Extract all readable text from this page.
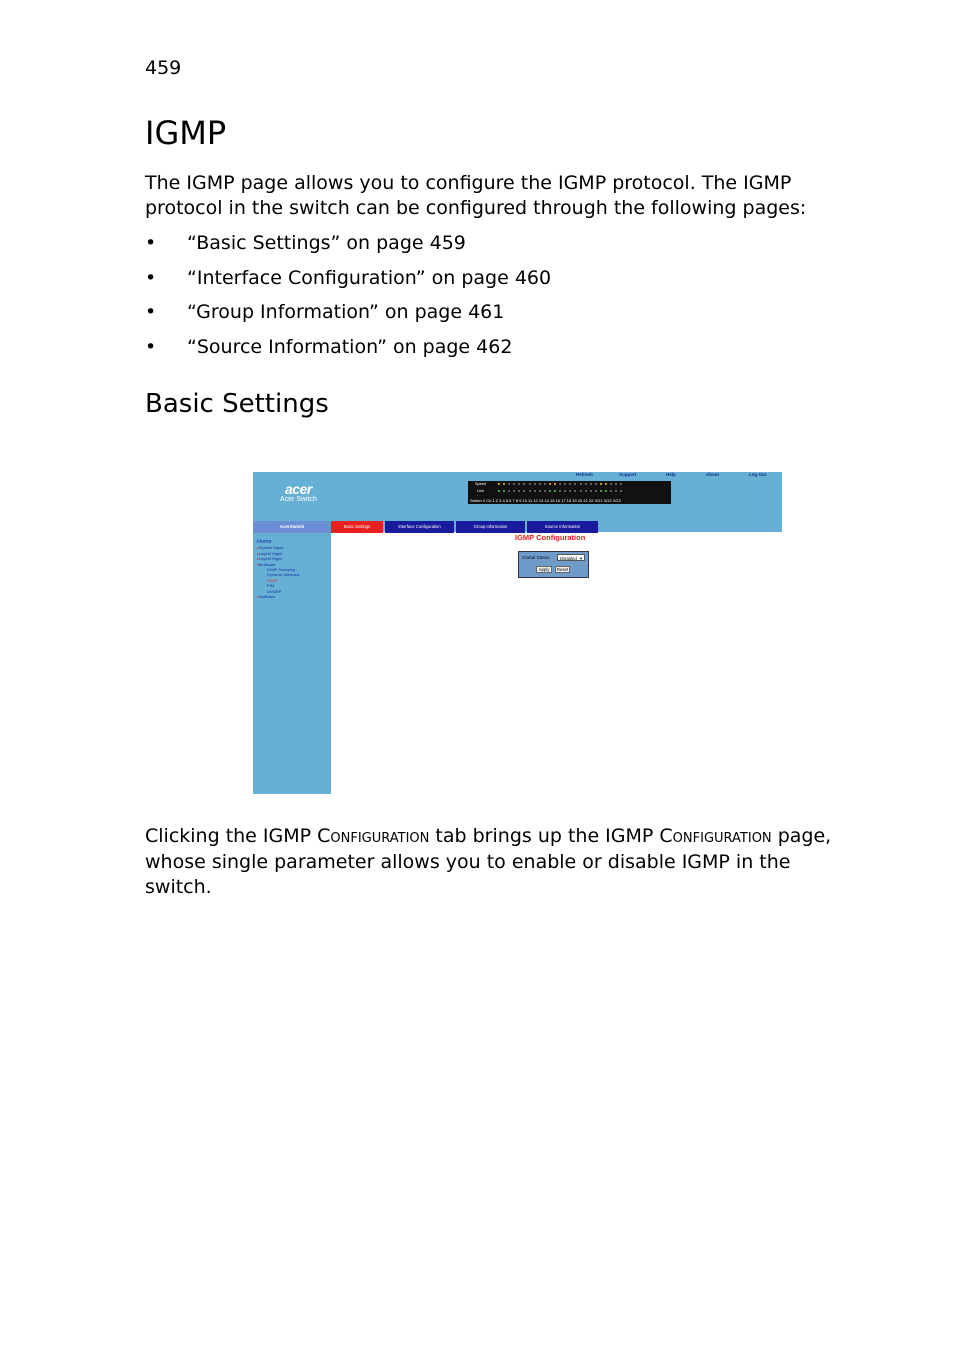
459
IGMP

The IGMP page allows you to configure the IGMP protocol. The IGMP protocol in the switch can be configured through the following pages:

• “Basic Settings” on page 459
• “Interface Configuration” on page 460
• “Group Information” on page 461
• “Source Information” on page 462
Basic Settings
acer
Acer Switch
Refresh	Support	Help	About	Log Out
Speed
Link
Switch 0 Ch 1 2 3 4 5 6 7 8 9 10 11 12 13 14 15 16 17 18 19 20 21 22 XG1 XG2 XG3
AcerSwitch
Home
▸System Mgmt
▸Layer2 Mgmt
▸Layer3 Mgmt
▾Multicast
IGMP Snooping
Dynamic Multicast
IGMP
PIM
DVMRP
▸Statistics
Basic Settings	Interface Configuration	Group Information	Source Information
IGMP Configuration
Global Status	Disabled ▾
Apply	Reset

Clicking the IGMP Configuration tab brings up the IGMP Configuration page, whose single parameter allows you to enable or disable IGMP in the switch.
